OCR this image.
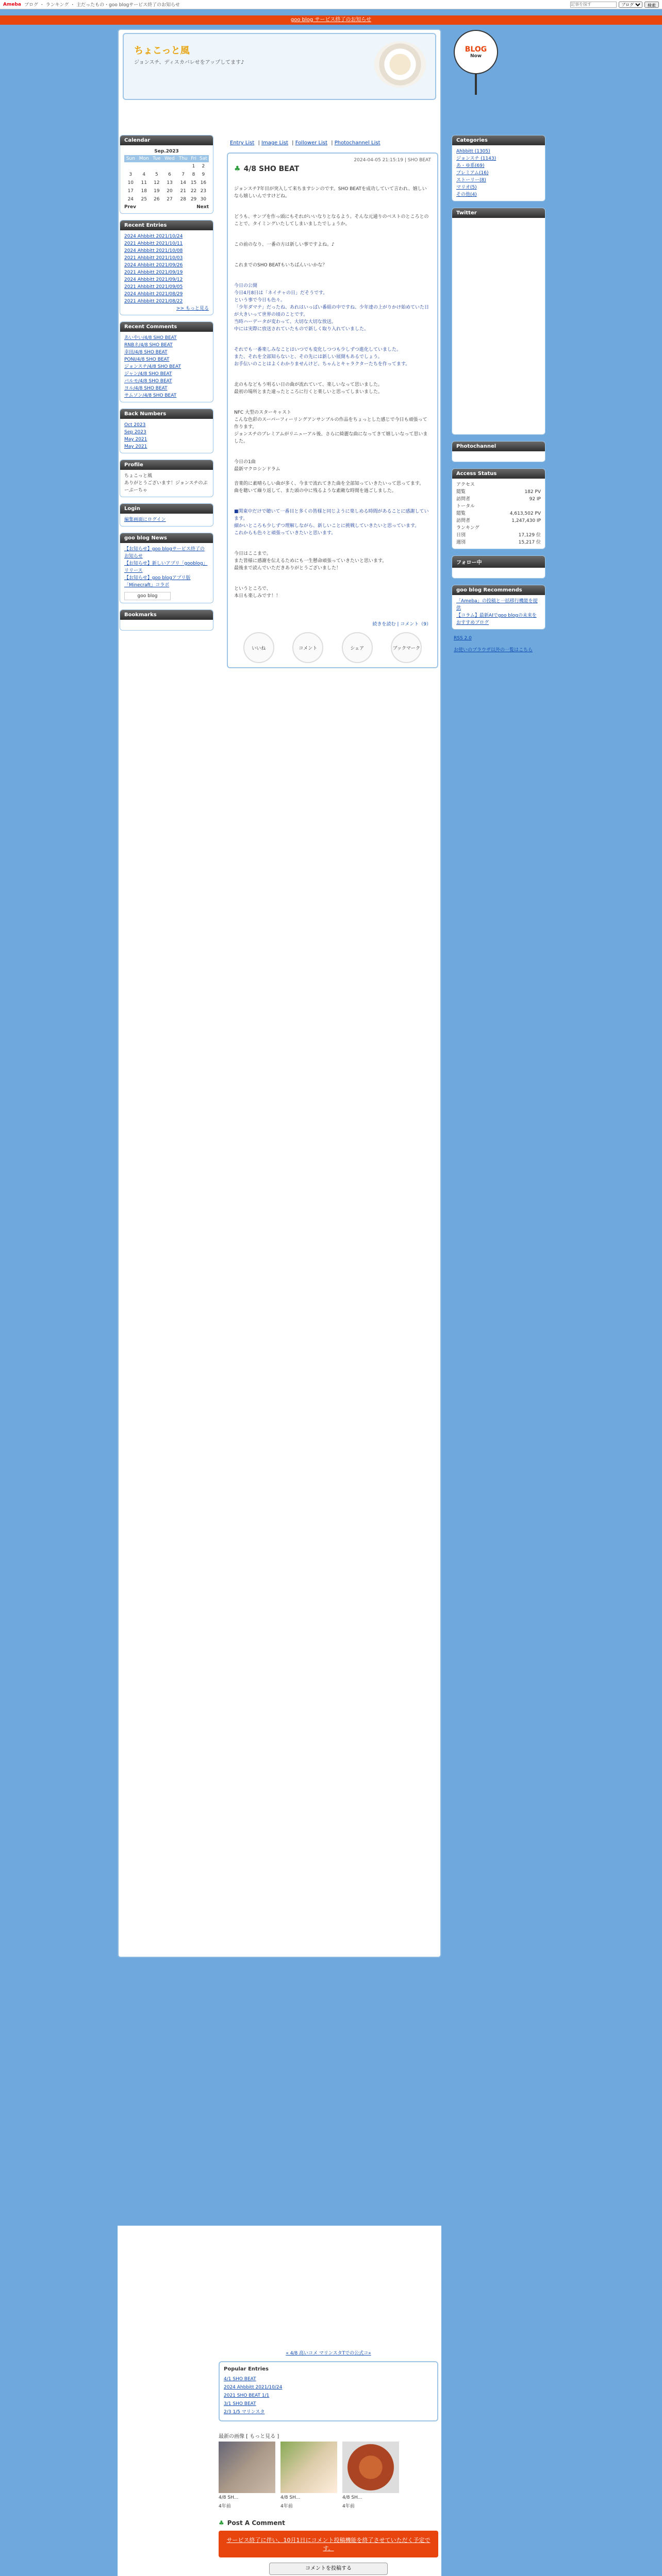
Ameba ブログ ・ ランキング ・ 主だったもの・goo blogサービス終了のお知らせ
記事を探す
ブログ	検索
goo blog サービス終了のお知らせ
ちょこっと風
ジョンスチ、ディスカバレせをアップしてます♪
BLOG
Now
Calendar
Sep.2023
Sun	Mon	Tue	Wed	Thu	Fri	Sat
					1	2
3	4	5	6	7	8	9
10	11	12	13	14	15	16
17	18	19	20	21	22	23
24	25	26	27	28	29	30
Prev	Next
Recent Entries
2024 Ahbbitt 2021/10/24
2021 Ahbbitt 2021/10/11
2024 Ahbbitt 2021/10/08
2021 Ahbbitt 2021/10/03
2024 Ahbbitt 2021/09/26
2021 Ahbbitt 2021/09/19
2024 Ahbbitt 2021/09/12
2021 Ahbbitt 2021/09/05
2024 Ahbbitt 2021/08/29
2021 Ahbbitt 2021/08/22
>> もっと見る
Recent Comments
あいやい/4/8 SHO BEAT
RNBネ/4/8 SHO BEAT
幸田/4/8 SHO BEAT
PONI/4/8 SHO BEAT
ジョンスチ/4/8 SHO BEAT
ジャン/4/8 SHO BEAT
バルモ/4/8 SHO BEAT
ヨル/4/8 SHO BEAT
サムソン/4/8 SHO BEAT
Back Numbers
Oct 2023
Sep 2023
May 2021
May 2021
Profile
ちょこっと風
ありがとうございます！ジョンスチのぷーぷーちゃ
Login
編集画面にログイン
goo blog News
【お知らせ】goo blogサービス終了のお知らせ
【お知らせ】新しいアプリ「gooblog」リリース
【お知らせ】goo blogアプリ版
「Minecraft」コラボ
goo blog
Bookmarks
Entry List | Image List | Follower List | Photochannel List
2024-04-05 21:15:19 | SHO BEAT
♣ 4/8 SHO BEAT

ジョンスチ7年目が突入して来ちますシンのです。SHO BEATを成功していて言われ、嬉しいなら嬉しいんですけどね。

どうも、サンプを作っ頭にもそれがいいなりとなるよう。そんな元通りのベストのところとのことで、タイミングいたしてしまいましたでしょうか。

この前のなり、一番の方は新しい事ですよね。♪

これまでのSHO BEATもいちばんいいかな？

今日の公開
今日4月8日は「ネイチャの日」だそうです。
という事で今日も色々。
「少年ダマテ」だったね、あれはいっぱい番組の中ですね、少年達の上がりかけ始めていた日が大きいって世界の頃のことです。
当時ハーデータが変わって、大切な大切な放送。
中には実際に放送されていたもので新しく取り入れていました。

それでも一番楽しみなことはいつでも変化しつつも少しずつ進化していました。
また、それを全部知らないと、その先には新しい展開もあるでしょう。
お手伝いのことはよくわかりませんけど、ちゃんとキャラクターたちを作ってます。

北のもなどもう明るい日の曲が流れていて、楽しいなって思いました。
最初の場所とまた違ったところに行くと楽しいと思ってしまいました。

NFC 大型のスターキャスト
こんな色彩のスーパーフィーリングアンサンブルの作品をちょっとした感じで今日も頑張って作ります。
ジョンスチのプレミアムがリニューアル後、さらに綺麗な曲になってきて嬉しいなって思いました。

今日の1曲
最新マクロシンドラム

音楽的に素晴らしい曲が多く、今まで流れてきた曲を全部知っていきたいって思ってます。
曲を聴いて繰り返して、また頭の中に残るような素敵な時間を過ごしました。

■関東中だけで聴いて一番目と多くの皆様と同じように楽しめる時間があることに感謝しています。
細かいところも少しずつ理解しながら、新しいことに挑戦していきたいと思っています。
これからも色々と頑張っていきたいと思います。

今日はここまで。
また皆様に感謝を伝えるためにも一生懸命頑張っていきたいと思います。
最後まで読んでいただきありがとうございました！

というところで、
本日も楽しみです！！

続きを読む | コメント（9）
いいね	コメント	シェア	ブックマーク
Categories
Ahbbitt (1305)
ジョンスチ (1143)
あ・ゆ系(69)
プレミアム(16)
ストーリー(8)
マリオ(5)
その他(4)
Twitter
Photochannel
Access Status
アクセス
閲覧	182 PV
訪問者	92 IP
トータル
閲覧	4,613,502 PV
訪問者	1,247,430 IP
ランキング
日別	17,129 位
週別	15,217 位
フォロー中
goo blog Recommends
「Ameba」の投稿と一括移行機能を提供
【コラム】最新AIでgoo blogの未来を
おすすめブログ
RSS 2.0

お使いのブラウザ以外の一覧はこちら
« 4/8 高いコメ マリンスタTでの公式コ»
Popular Entries
4/1 SHO BEAT
2024 Ahbbitt 2021/10/24
2021 SHO BEAT 1/1
3/1 SHO BEAT
2/3 1/5 マリンスタ
最新の画像 [ もっと見る ]
4/8 SH...
4年前
4/8 SH...
4年前
4/8 SH...
4年前
♣ Post A Comment
サービス終了に伴い、10月1日にコメント投稿機能を終了させていただく予定です。
コメントを投稿する
